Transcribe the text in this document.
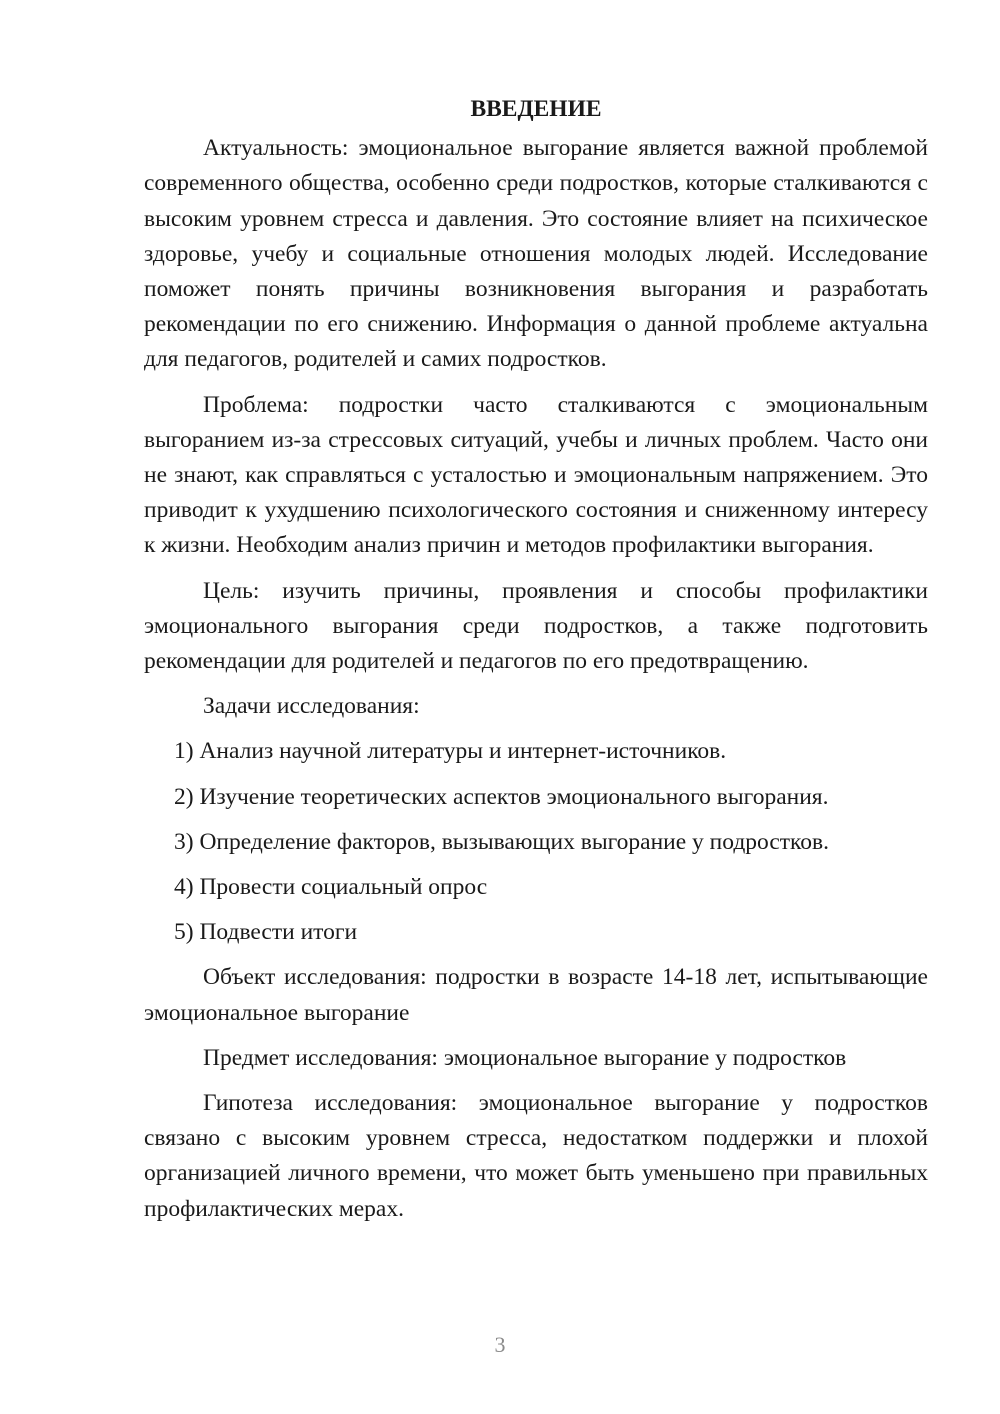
ВВЕДЕНИЕ

Актуальность: эмоциональное выгорание является важной проблемой современного общества, особенно среди подростков, которые сталкиваются с высоким уровнем стресса и давления. Это состояние влияет на психическое здоровье, учебу и социальные отношения молодых людей. Исследование поможет понять причины возникновения выгорания и разработать рекомендации по его снижению. Информация о данной проблеме актуальна для педагогов, родителей и самих подростков.

Проблема: подростки часто сталкиваются с эмоциональным выгоранием из-за стрессовых ситуаций, учебы и личных проблем. Часто они не знают, как справляться с усталостью и эмоциональным напряжением. Это приводит к ухудшению психологического состояния и сниженному интересу к жизни. Необходим анализ причин и методов профилактики выгорания.

Цель: изучить причины, проявления и способы профилактики эмоционального выгорания среди подростков, а также подготовить рекомендации для родителей и педагогов по его предотвращению.

Задачи исследования:

1) Анализ научной литературы и интернет-источников.
2) Изучение теоретических аспектов эмоционального выгорания.
3) Определение факторов, вызывающих выгорание у подростков.
4) Провести социальный опрос
5) Подвести итоги

Объект исследования: подростки в возрасте 14-18 лет, испытывающие эмоциональное выгорание

Предмет исследования: эмоциональное выгорание у подростков

Гипотеза исследования: эмоциональное выгорание у подростков связано с высоким уровнем стресса, недостатком поддержки и плохой организацией личного времени, что может быть уменьшено при правильных профилактических мерах.

3
